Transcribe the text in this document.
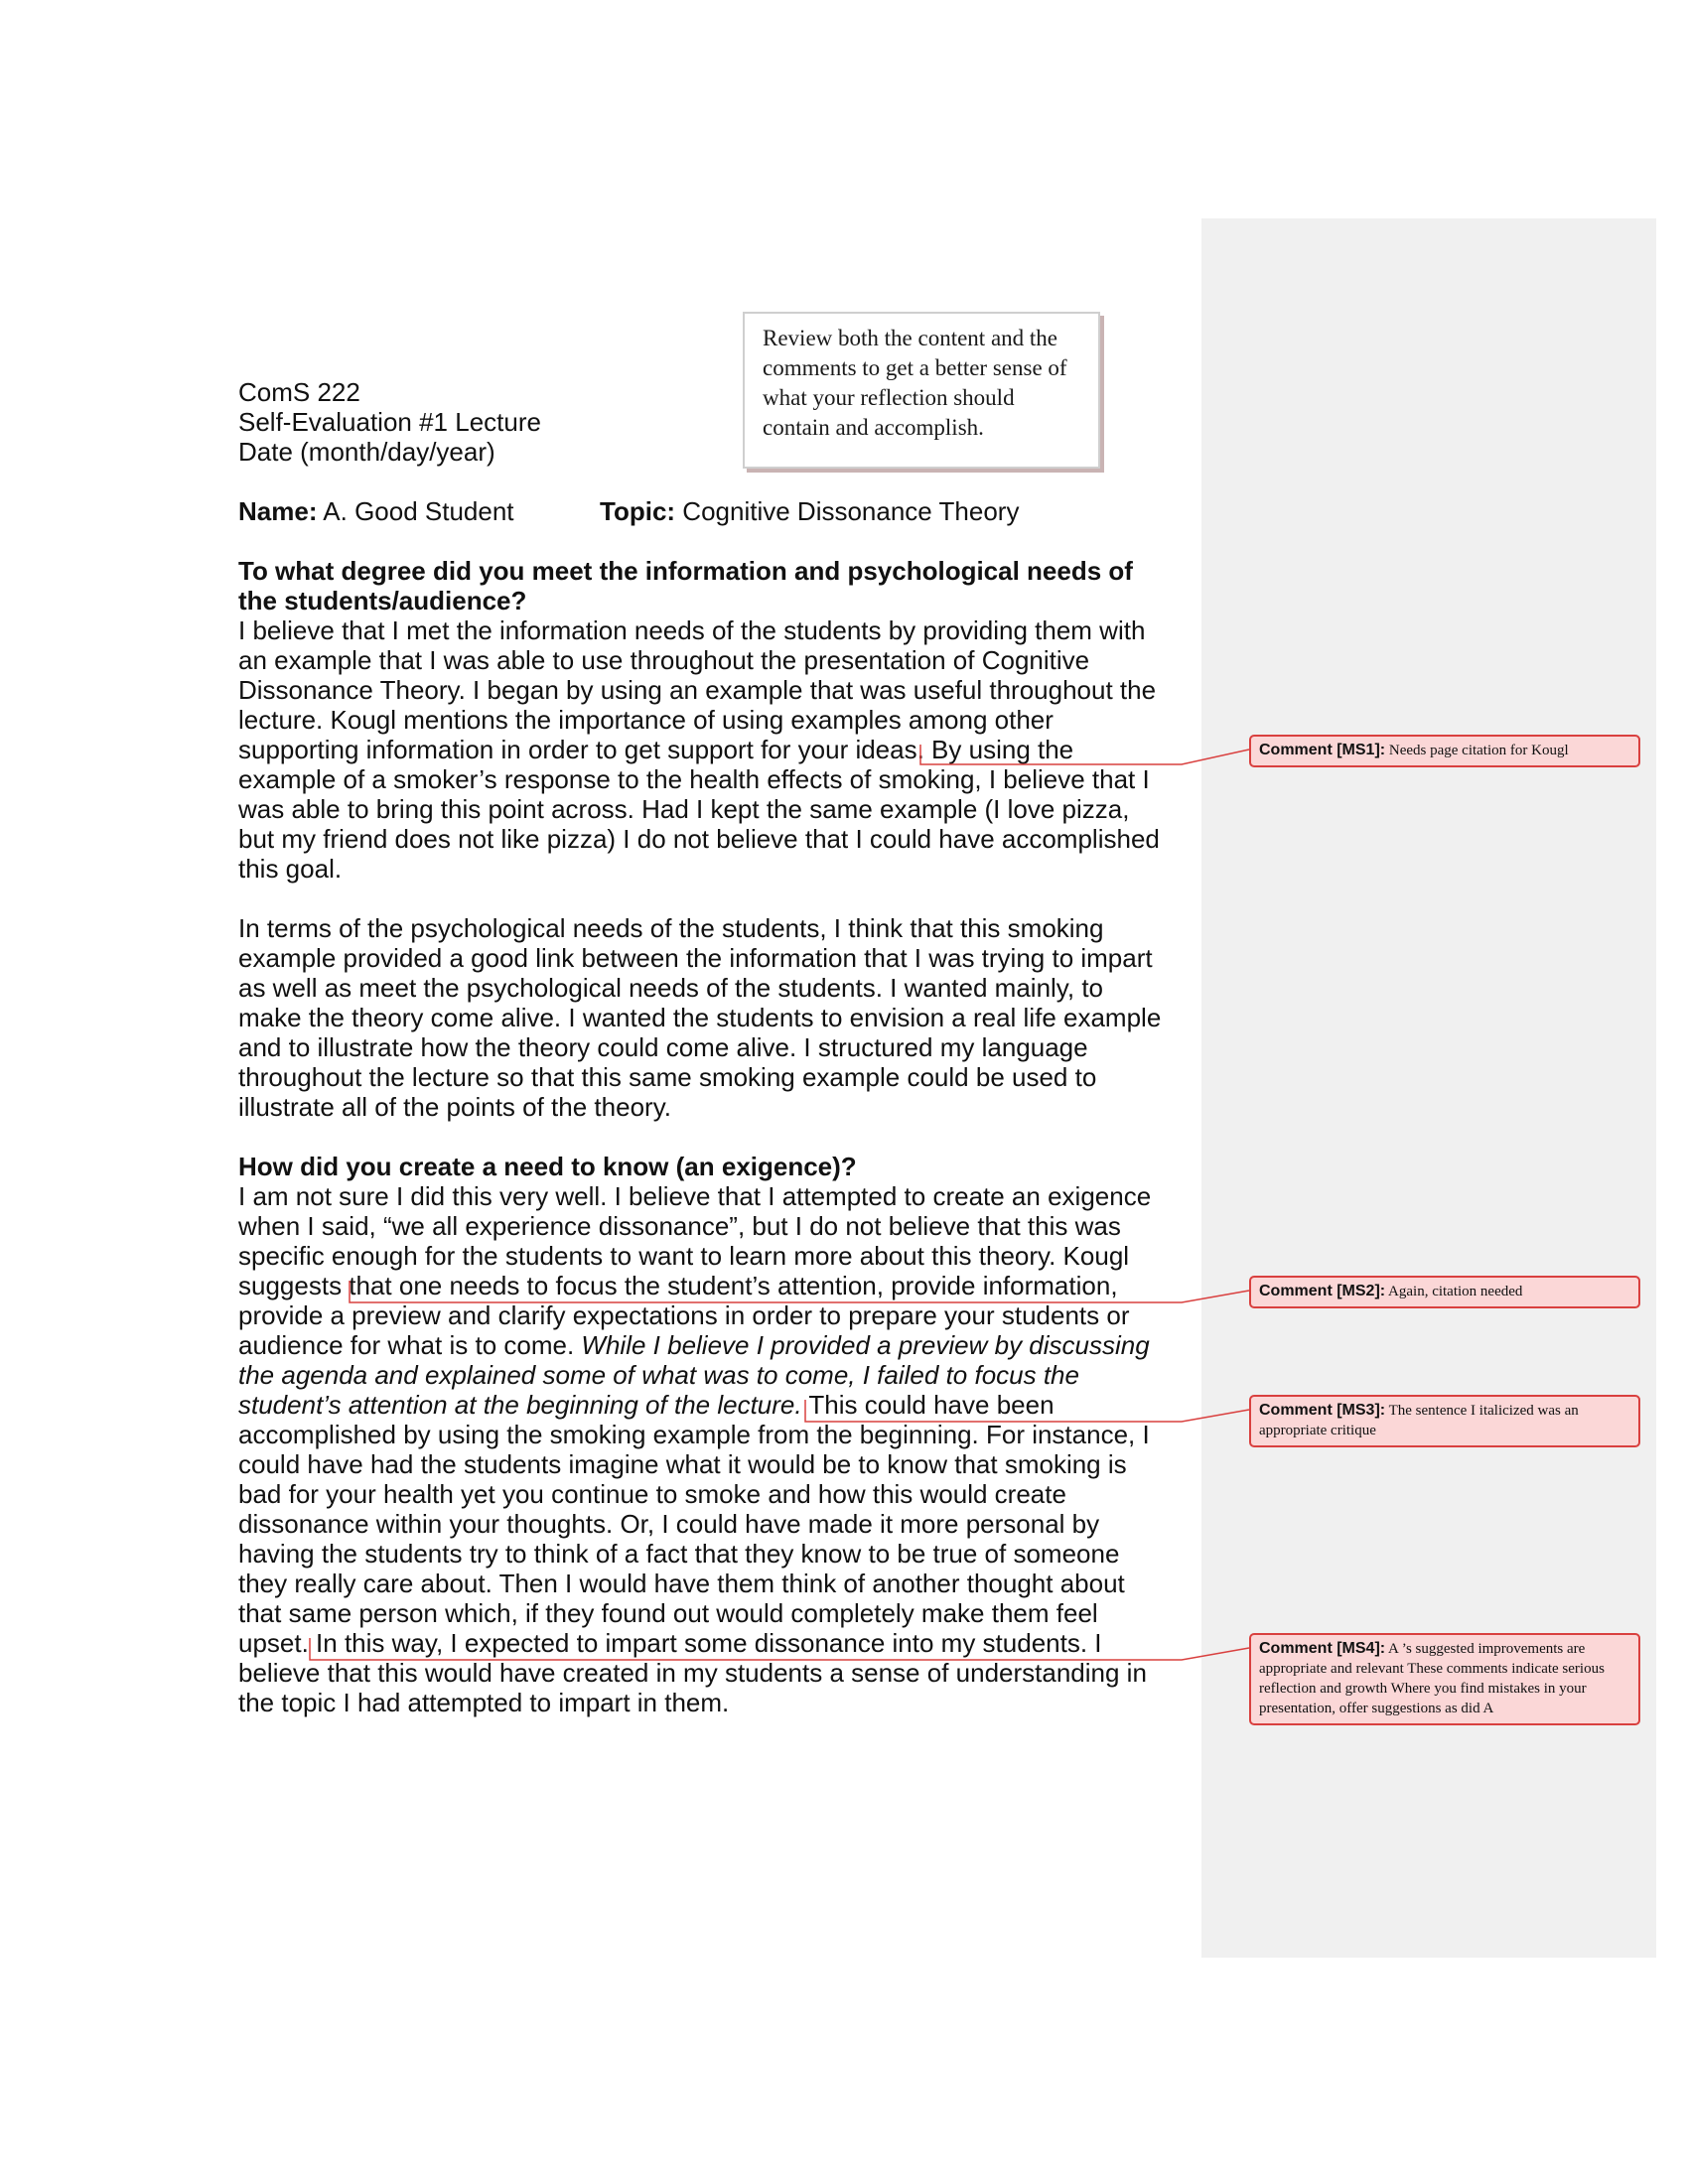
Review both the content and the comments to get a better sense of what your reflection should contain and accomplish.
ComS 222
Self-Evaluation #1 Lecture
Date (month/day/year)
Name: A. Good Student	Topic: Cognitive Dissonance Theory
To what degree did you meet the information and psychological needs of
the students/audience?
I believe that I met the information needs of the students by providing them with
an example that I was able to use throughout the presentation of Cognitive
Dissonance Theory. I began by using an example that was useful throughout the
lecture. Kougl mentions the importance of using examples among other
supporting information in order to get support for your ideas. By using the
example of a smoker’s response to the health effects of smoking, I believe that I
was able to bring this point across. Had I kept the same example (I love pizza,
but my friend does not like pizza) I do not believe that I could have accomplished
this goal.
In terms of the psychological needs of the students, I think that this smoking
example provided a good link between the information that I was trying to impart
as well as meet the psychological needs of the students. I wanted mainly, to
make the theory come alive. I wanted the students to envision a real life example
and to illustrate how the theory could come alive. I structured my language
throughout the lecture so that this same smoking example could be used to
illustrate all of the points of the theory.
How did you create a need to know (an exigence)?
I am not sure I did this very well. I believe that I attempted to create an exigence
when I said, “we all experience dissonance”, but I do not believe that this was
specific enough for the students to want to learn more about this theory. Kougl
suggests that one needs to focus the student’s attention, provide information,
provide a preview and clarify expectations in order to prepare your students or
audience for what is to come. While I believe I provided a preview by discussing
the agenda and explained some of what was to come, I failed to focus the
student’s attention at the beginning of the lecture. This could have been
accomplished by using the smoking example from the beginning. For instance, I
could have had the students imagine what it would be to know that smoking is
bad for your health yet you continue to smoke and how this would create
dissonance within your thoughts. Or, I could have made it more personal by
having the students try to think of a fact that they know to be true of someone
they really care about. Then I would have them think of another thought about
that same person which, if they found out would completely make them feel
upset. In this way, I expected to impart some dissonance into my students. I
believe that this would have created in my students a sense of understanding in
the topic I had attempted to impart in them.
Comment [MS1]: Needs page citation for Kougl
Comment [MS2]: Again, citation needed
Comment [MS3]: The sentence I italicized was an appropriate critique
Comment [MS4]: A ’s suggested improvements are appropriate and relevant These comments indicate serious reflection and growth Where you find mistakes in your presentation, offer suggestions as did A
